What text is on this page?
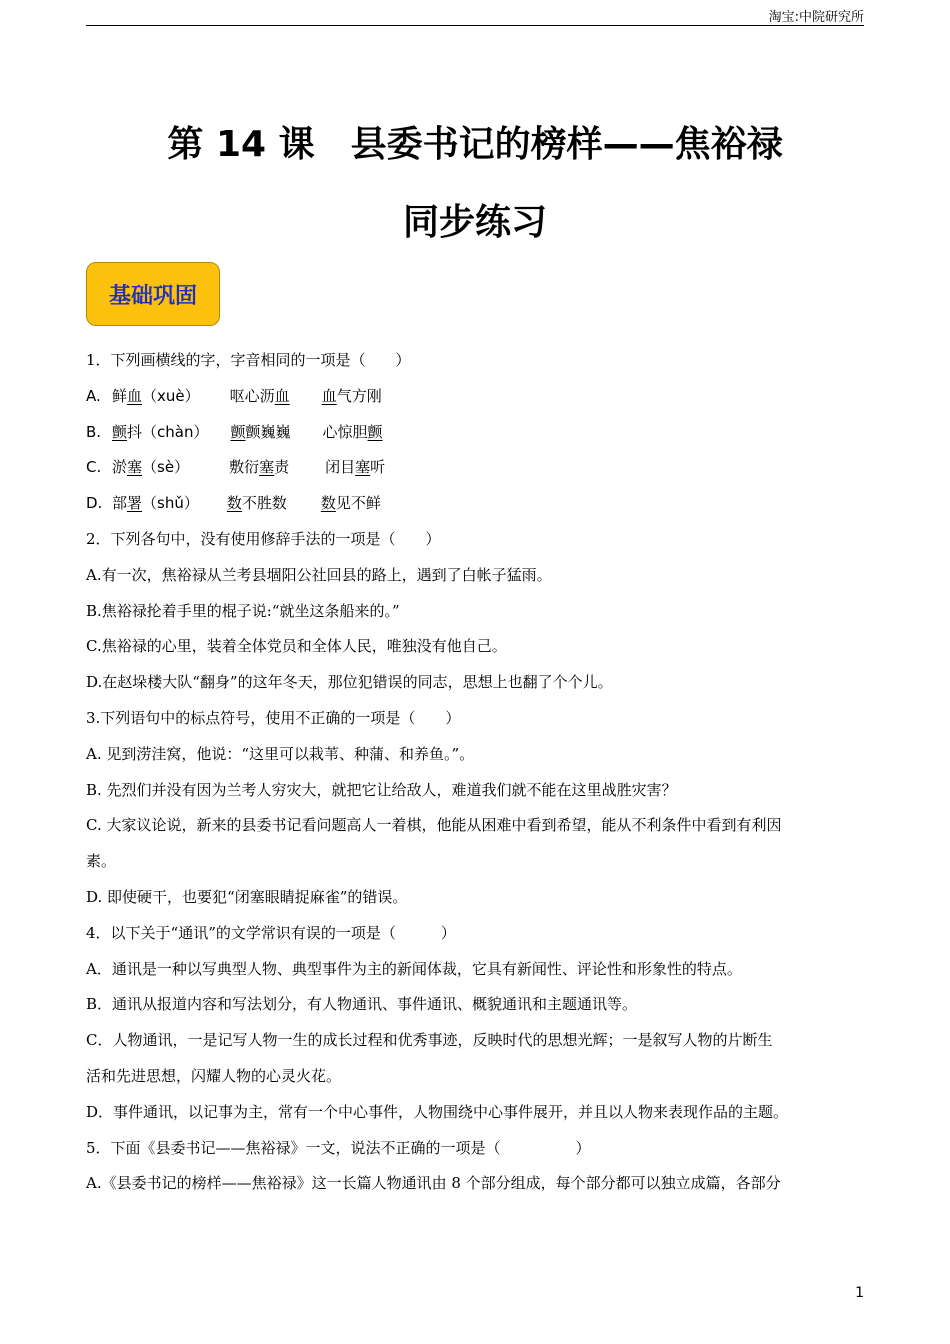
淘宝:中院研究所
第 14 课　县委书记的榜样——焦裕禄
同步练习
基础巩固
1．下列画横线的字，字音相同的一项是（　　）
A. 鲜血（xuè） 呕心沥血 血气方刚
B. 颤抖（chàn） 颤颤巍巍 心惊胆颤
C. 淤塞（sè）	敷衍塞责 闭目塞听
D. 部署（shǔ） 数不胜数 数见不鲜
2．下列各句中，没有使用修辞手法的一项是（　　）
A.有一次，焦裕禄从兰考县堌阳公社回县的路上，遇到了白帐子猛雨。
B.焦裕禄抡着手里的棍子说:“就坐这条船来的。”
C.焦裕禄的心里，装着全体党员和全体人民，唯独没有他自己。
D.在赵垛楼大队“翻身”的这年冬天，那位犯错误的同志，思想上也翻了个个儿。
3.下列语句中的标点符号，使用不正确的一项是（　　）
A. 见到涝洼窝，他说：“这里可以栽苇、种蒲、和养鱼。”。
B. 先烈们并没有因为兰考人穷灾大，就把它让给敌人，难道我们就不能在这里战胜灾害？
C. 大家议论说，新来的县委书记看问题高人一着棋，他能从困难中看到希望，能从不利条件中看到有利因
素。
D. 即使硬干，也要犯“闭塞眼睛捉麻雀”的错误。
4．以下关于“通讯”的文学常识有误的一项是（　　　）
A．通讯是一种以写典型人物、典型事件为主的新闻体裁，它具有新闻性、评论性和形象性的特点。
B．通讯从报道内容和写法划分，有人物通讯、事件通讯、概貌通讯和主题通讯等。
C．人物通讯，一是记写人物一生的成长过程和优秀事迹，反映时代的思想光辉；一是叙写人物的片断生
活和先进思想，闪耀人物的心灵火花。
D．事件通讯，以记事为主，常有一个中心事件，人物围绕中心事件展开，并且以人物来表现作品的主题。
5．下面《县委书记——焦裕禄》一文，说法不正确的一项是（　　　　　）
A.《县委书记的榜样——焦裕禄》这一长篇人物通讯由 8 个部分组成，每个部分都可以独立成篇，各部分
1
